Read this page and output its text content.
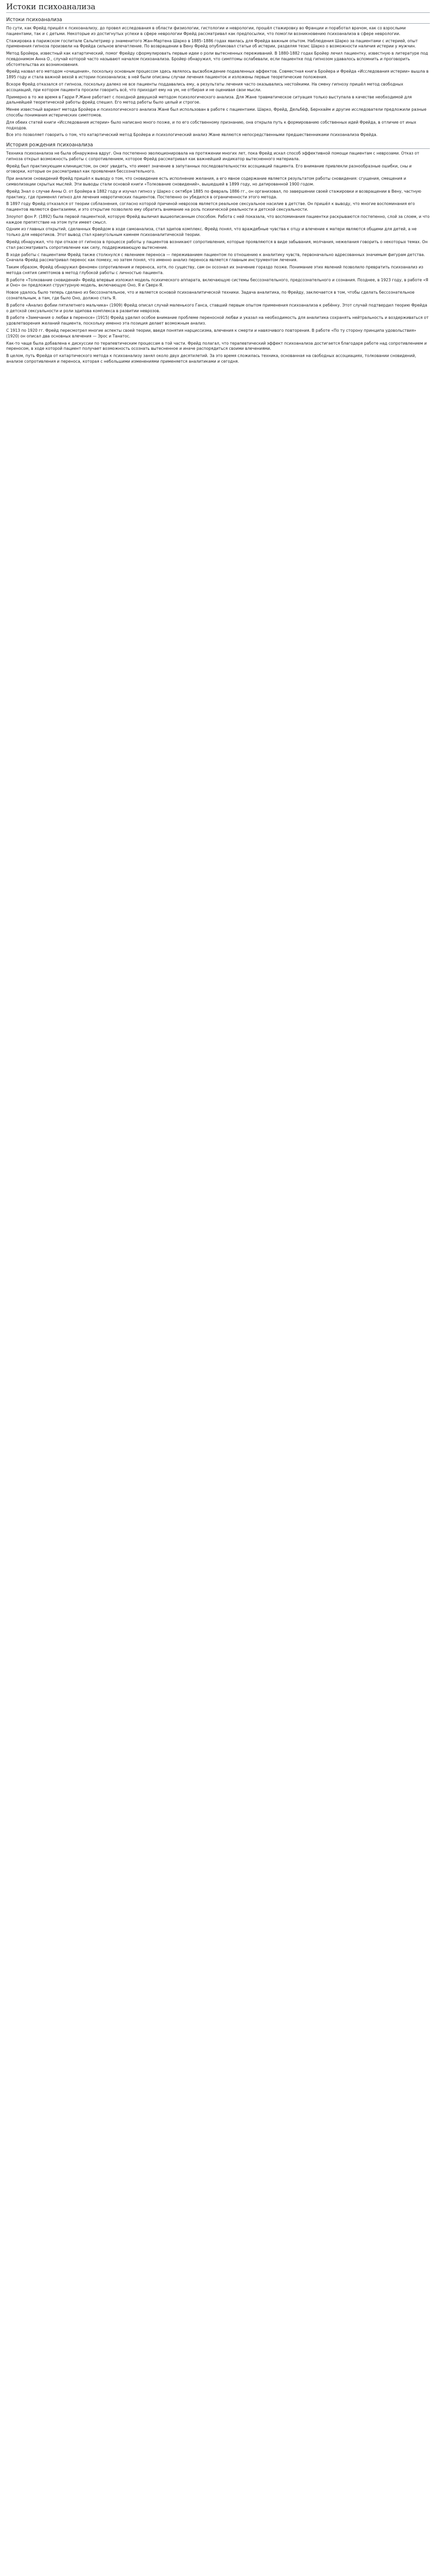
Истоки психоанализа
Истоки психоанализа

По сути, как Фрейд пришёл к психоанализу, до провел исследования в области физиологии, гистологии и неврологии, прошёл стажировку во Франции и поработал врачом, как со взрослыми пациентами, так и с детьми. Некоторые из достигнутых успехи в сфере неврологии Фрейд рассматривал как предпосылки, что помогли возникновению психоанализа в сфере неврологии.

Стажировка в парижском госпитале Сальпетриер у знаменитого Жан-Мартена Шарко в 1885–1886 годах явилась для Фрейда важным опытом. Наблюдения Шарко за пациентами с истерией, опыт применения гипноза произвели на Фрейда сильное впечатление. По возвращении в Вену Фрейд опубликовал статьи об истерии, разделяя тезис Шарко о возможности наличия истерии у мужчин.

Метод Бройера, известный как катартический, помог Фрейду сформулировать первые идеи о роли вытесненных переживаний. В 1880-1882 годах Бройер лечил пациентку, известную в литературе под псевдонимом Анна О., случай которой часто называют началом психоанализа. Бройер обнаружил, что симптомы ослабевали, если пациентке под гипнозом удавалось вспомнить и проговорить обстоятельства их возникновения.

Фрейд назвал его методом «очищения», поскольку основным процессом здесь являлось высвобождение подавленных аффектов. Совместная книга Бройера и Фрейда «Исследования истерии» вышла в 1895 году и стала важной вехой в истории психоанализа; в ней были описаны случаи лечения пациенток и изложены первые теоретические положения.

Вскоре Фрейд отказался от гипноза, поскольку далеко не все пациенты поддавались ему, а результаты лечения часто оказывались нестойкими. На смену гипнозу пришёл метод свободных ассоциаций, при котором пациента просили говорить всё, что приходит ему на ум, не отбирая и не оценивая свои мысли.

Примерно в то же время в Гарри Р.Жане работает с походной девушкой методом психологического анализа. Для Жане травматическое ситуация только выступала в качестве необходимой для дальнейшей теоретической работы фрейд спешил. Его метод работы было целый и строгое.

Менее известный вариант метода Бройера и психологического анализа Жане был использован в работе с пациентами. Шарко, Фрейд, Дельбёф, Бернхайм и другие исследователи предложили разные способы понимания истерических симптомов.

Для обеих статей книги «Исследования истерии» было написано много позже, и по его собственному признанию, она открыла путь к формированию собственных идей Фрейда, в отличие от иных подходов.

Все это позволяет говорить о том, что катартический метод Бройера и психологический анализ Жане являются непосредственными предшественниками психоанализа Фрейда.

История рождения психоанализа

Техника психоанализа не была обнаружена вдруг. Она постепенно эволюционировала на протяжении многих лет, пока Фрейд искал способ эффективной помощи пациентам с неврозами. Отказ от гипноза открыл возможность работы с сопротивлением, которое Фрейд рассматривал как важнейший индикатор вытесненного материала.

Фрейд был практикующим клиницистом, он смог увидеть, что имеет значение в запутанных последовательностях ассоциаций пациента. Его внимание привлекли разнообразные ошибки, сны и оговорки, которые он рассматривал как проявления бессознательного.

При анализе сновидений Фрейд пришёл к выводу о том, что сновидение есть исполнение желания, а его явное содержание является результатом работы сновидения: сгущения, смещения и символизации скрытых мыслей. Эти выводы стали основой книги «Толкование сновидений», вышедшей в 1899 году, но датированной 1900 годом.

Фрейд Знал о случае Анны О. от Бройера в 1882 году и изучал гипноз у Шарко с октября 1885 по февраль 1886 гг., он организовал, по завершении своей стажировки и возвращении в Вену, частную практику, где применял гипноз для лечения невротических пациентов. Постепенно он убедился в ограниченности этого метода.

В 1897 году Фрейд отказался от теории соблазнения, согласно которой причиной неврозов является реальное сексуальное насилие в детстве. Он пришёл к выводу, что многие воспоминания его пациентов являются фантазиями, и это открытие позволило ему обратить внимание на роль психической реальности и детской сексуальности.

Злоупот фон Р. (1892) была первой пациенткой, которую Фрейд выличил вышеописанным способом. Работа с ней показала, что воспоминания пациентки раскрываются постепенно, слой за слоем, и что каждое препятствие на этом пути имеет смысл.

Одним из главных открытий, сделанных Фрейдом в ходе самоанализа, стал эдипов комплекс. Фрейд понял, что враждебные чувства к отцу и влечение к матери являются общими для детей, а не только для невротиков. Этот вывод стал краеугольным камнем психоаналитической теории.

Фрейд обнаружил, что при отказе от гипноза в процессе работы у пациентов возникают сопротивления, которые проявляются в виде забывания, молчания, нежелания говорить о некоторых темах. Он стал рассматривать сопротивление как силу, поддерживающую вытеснение.

В ходе работы с пациентами Фрейд также столкнулся с явлением переноса — переживанием пациентом по отношению к аналитику чувств, первоначально адресованных значимым фигурам детства. Сначала Фрейд рассматривал перенос как помеху, но затем понял, что именно анализ переноса является главным инструментом лечения.

Таким образом, Фрейд обнаружил феномен сопротивления и переноса, хотя, по существу, сам он осознал их значение гораздо позже. Понимание этих явлений позволило превратить психоанализ из метода снятия симптомов в метод глубокой работы с личностью пациента.

В работе «Толкование сновидений» Фрейд впервые изложил модель психического аппарата, включающую системы бессознательного, предсознательного и сознания. Позднее, в 1923 году, в работе «Я и Оно» он предложил структурную модель, включающую Оно, Я и Сверх-Я.

Новое удалось было теперь сделано из бессознательное, что и является основой психоаналитической техники. Задача аналитика, по Фрейду, заключается в том, чтобы сделать бессознательное сознательным, а там, где было Оно, должно стать Я.

В работе «Анализ фобии пятилетнего мальчика» (1909) Фрейд описал случай маленького Ганса, ставший первым опытом применения психоанализа к ребёнку. Этот случай подтвердил теорию Фрейда о детской сексуальности и роли эдипова комплекса в развитии неврозов.

В работе «Замечания о любви в переносе» (1915) Фрейд уделил особое внимание проблеме переносной любви и указал на необходимость для аналитика сохранять нейтральность и воздерживаться от удовлетворения желаний пациента, поскольку именно эта позиция делает возможным анализ.

С 1913 по 1920 гг. Фрейд пересмотрел многие аспекты своей теории, введя понятия нарциссизма, влечения к смерти и навязчивого повторения. В работе «По ту сторону принципа удовольствия» (1920) он описал два основных влечения — Эрос и Танатос.

Как-то чаще была добавлена к дискуссии по терапевтическим процессам в той части. Фрейд полагал, что терапевтический эффект психоанализа достигается благодаря работе над сопротивлением и переносом, в ходе которой пациент получает возможность осознать вытесненное и иначе распорядиться своими влечениями.

В целом, путь Фрейда от катартического метода к психоанализу занял около двух десятилетий. За это время сложилась техника, основанная на свободных ассоциациях, толковании сновидений, анализе сопротивления и переноса, которая с небольшими изменениями применяется аналитиками и сегодня.
